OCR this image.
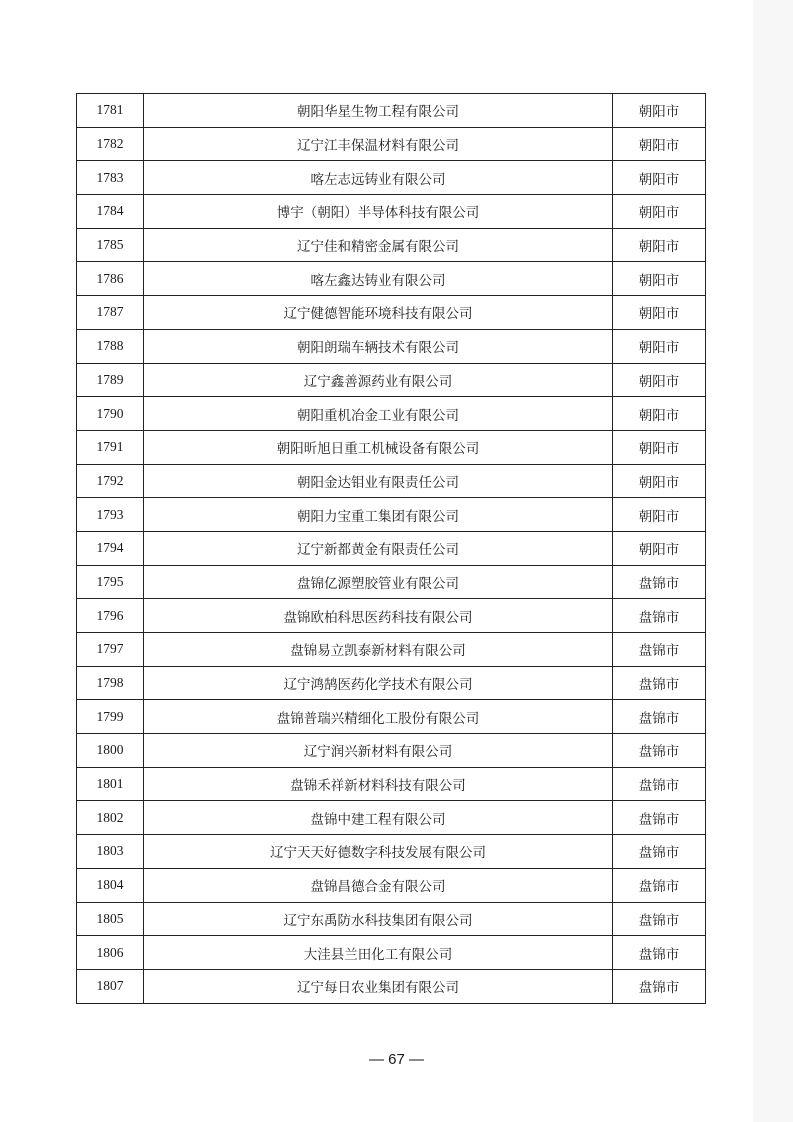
1781	朝阳华星生物工程有限公司	朝阳市
1782	辽宁江丰保温材料有限公司	朝阳市
1783	喀左志远铸业有限公司	朝阳市
1784	博宇（朝阳）半导体科技有限公司	朝阳市
1785	辽宁佳和精密金属有限公司	朝阳市
1786	喀左鑫达铸业有限公司	朝阳市
1787	辽宁健德智能环境科技有限公司	朝阳市
1788	朝阳朗瑞车辆技术有限公司	朝阳市
1789	辽宁鑫善源药业有限公司	朝阳市
1790	朝阳重机冶金工业有限公司	朝阳市
1791	朝阳昕旭日重工机械设备有限公司	朝阳市
1792	朝阳金达钼业有限责任公司	朝阳市
1793	朝阳力宝重工集团有限公司	朝阳市
1794	辽宁新都黄金有限责任公司	朝阳市
1795	盘锦亿源塑胶管业有限公司	盘锦市
1796	盘锦欧柏科思医药科技有限公司	盘锦市
1797	盘锦易立凯泰新材料有限公司	盘锦市
1798	辽宁鸿鹄医药化学技术有限公司	盘锦市
1799	盘锦普瑞兴精细化工股份有限公司	盘锦市
1800	辽宁润兴新材料有限公司	盘锦市
1801	盘锦禾祥新材料科技有限公司	盘锦市
1802	盘锦中建工程有限公司	盘锦市
1803	辽宁天天好德数字科技发展有限公司	盘锦市
1804	盘锦昌德合金有限公司	盘锦市
1805	辽宁东禹防水科技集团有限公司	盘锦市
1806	大洼县兰田化工有限公司	盘锦市
1807	辽宁每日农业集团有限公司	盘锦市
— 67 —
